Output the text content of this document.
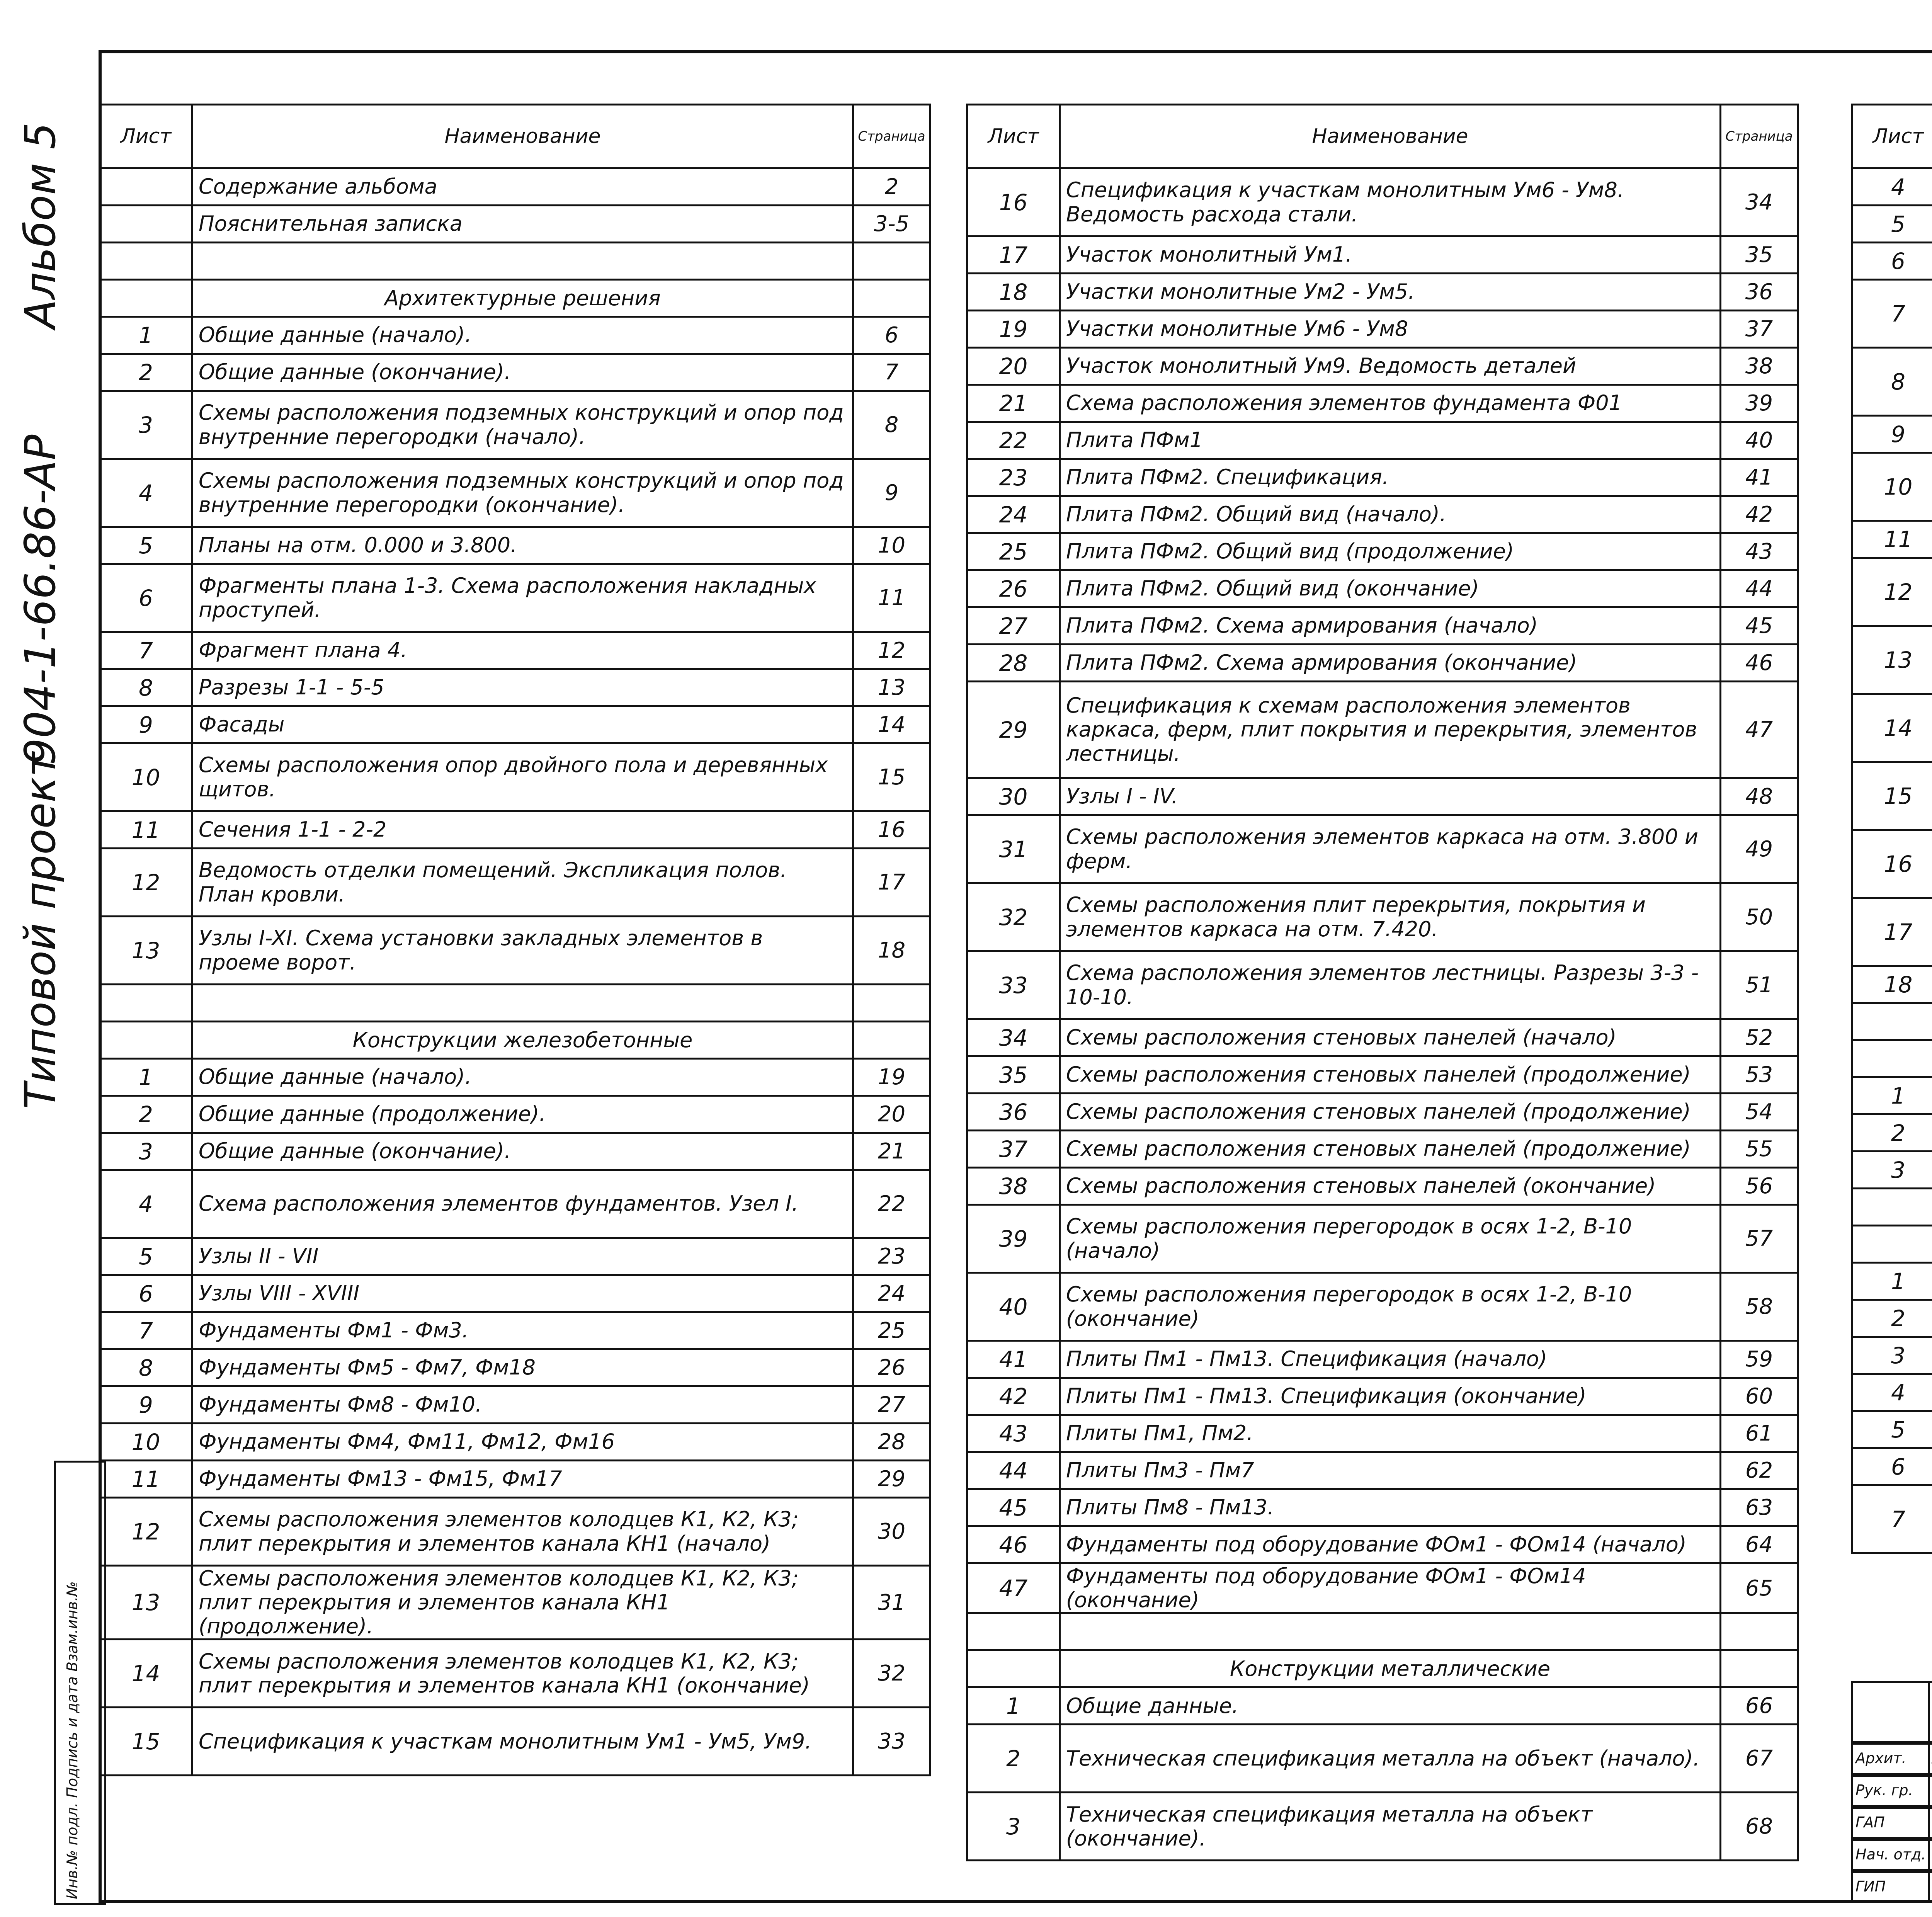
Типовой проект
904-1-66.86-АР
Альбом 5
Инв.№ подл. Подпись и дата Взам.инв.№
Лист	Наименование	Страница
	Содержание альбома	2
	Пояснительная записка	3-5

	Архитектурные решения	
1	Общие данные (начало).	6
2	Общие данные (окончание).	7
3	Схемы расположения подземных конструкций и опор под внутренние перегородки (начало).	8
4	Схемы расположения подземных конструкций и опор под внутренние перегородки (окончание).	9
5	Планы на отм. 0.000 и 3.800.	10
6	Фрагменты плана 1-3. Схема расположения накладных проступей.	11
7	Фрагмент плана 4.	12
8	Разрезы 1-1 - 5-5	13
9	Фасады	14
10	Схемы расположения опор двойного пола и деревянных щитов.	15
11	Сечения 1-1 - 2-2	16
12	Ведомость отделки помещений. Экспликация полов. План кровли.	17
13	Узлы I-XI. Схема установки закладных элементов в проеме ворот.	18

	Конструкции железобетонные	
1	Общие данные (начало).	19
2	Общие данные (продолжение).	20
3	Общие данные (окончание).	21
4	Схема расположения элементов фундаментов. Узел I.	22
5	Узлы II - VII	23
6	Узлы VIII - XVIII	24
7	Фундаменты Фм1 - Фм3.	25
8	Фундаменты Фм5 - Фм7, Фм18	26
9	Фундаменты Фм8 - Фм10.	27
10	Фундаменты Фм4, Фм11, Фм12, Фм16	28
11	Фундаменты Фм13 - Фм15, Фм17	29
12	Схемы расположения элементов колодцев К1, К2, К3; плит перекрытия и элементов канала КН1 (начало)	30
13	Схемы расположения элементов колодцев К1, К2, К3; плит перекрытия и элементов канала КН1 (продолжение).	31
14	Схемы расположения элементов колодцев К1, К2, К3; плит перекрытия и элементов канала КН1 (окончание)	32
15	Спецификация к участкам монолитным Ум1 - Ум5, Ум9.	33
Лист	Наименование	Страница
16	Спецификация к участкам монолитным Ум6 - Ум8. Ведомость расхода стали.	34
17	Участок монолитный Ум1.	35
18	Участки монолитные Ум2 - Ум5.	36
19	Участки монолитные Ум6 - Ум8	37
20	Участок монолитный Ум9. Ведомость деталей	38
21	Схема расположения элементов фундамента Ф01	39
22	Плита ПФм1	40
23	Плита ПФм2. Спецификация.	41
24	Плита ПФм2. Общий вид (начало).	42
25	Плита ПФм2. Общий вид (продолжение)	43
26	Плита ПФм2. Общий вид (окончание)	44
27	Плита ПФм2. Схема армирования (начало)	45
28	Плита ПФм2. Схема армирования (окончание)	46
29	Спецификация к схемам расположения элементов каркаса, ферм, плит покрытия и перекрытия, элементов лестницы.	47
30	Узлы I - IV.	48
31	Схемы расположения элементов каркаса на отм. 3.800 и ферм.	49
32	Схемы расположения плит перекрытия, покрытия и элементов каркаса на отм. 7.420.	50
33	Схема расположения элементов лестницы. Разрезы 3-3 - 10-10.	51
34	Схемы расположения стеновых панелей (начало)	52
35	Схемы расположения стеновых панелей (продолжение)	53
36	Схемы расположения стеновых панелей (продолжение)	54
37	Схемы расположения стеновых панелей (продолжение)	55
38	Схемы расположения стеновых панелей (окончание)	56
39	Схемы расположения перегородок в осях 1-2, В-10 (начало)	57
40	Схемы расположения перегородок в осях 1-2, В-10 (окончание)	58
41	Плиты Пм1 - Пм13. Спецификация (начало)	59
42	Плиты Пм1 - Пм13. Спецификация (окончание)	60
43	Плиты Пм1, Пм2.	61
44	Плиты Пм3 - Пм7	62
45	Плиты Пм8 - Пм13.	63
46	Фундаменты под оборудование ФОм1 - ФОм14 (начало)	64
47	Фундаменты под оборудование ФОм1 - ФОм14 (окончание)	65

	Конструкции металлические	
1	Общие данные.	66
2	Техническая спецификация металла на объект (начало).	67
3	Техническая спецификация металла на объект (окончание).	68
Лист		
4		
5		
6		
7		
8		
9		
10		
11		
12		
13		
14		
15		
16		
17		
18		

1		
2		
3		

1		
2		
3		
4		
5		
6		
7		
Архит.
Рук. гр.
ГАП
Нач. отд.
ГИП
